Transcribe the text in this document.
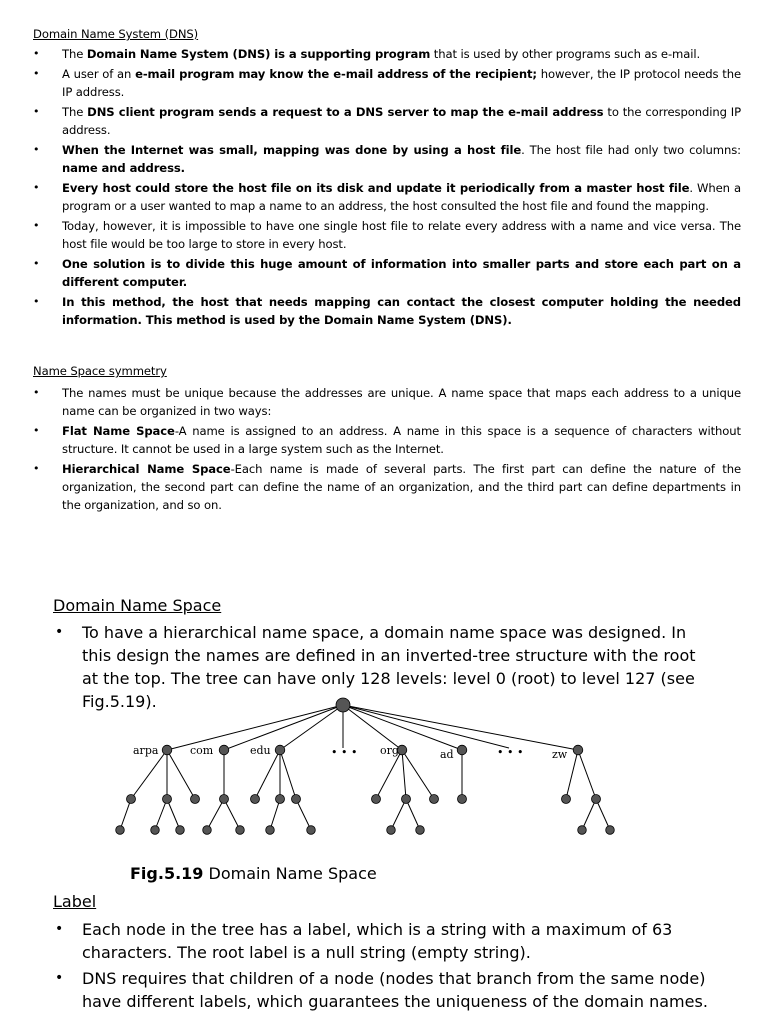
Domain Name System (DNS)
• The Domain Name System (DNS) is a supporting program that is used by other programs such as e-mail.
• A user of an e-mail program may know the e-mail address of the recipient; however, the IP protocol needs the IP address.
• The DNS client program sends a request to a DNS server to map the e-mail address to the corresponding IP address.
• When the Internet was small, mapping was done by using a host file. The host file had only two columns: name and address.
• Every host could store the host file on its disk and update it periodically from a master host file. When a program or a user wanted to map a name to an address, the host consulted the host file and found the mapping.
• Today, however, it is impossible to have one single host file to relate every address with a name and vice versa. The host file would be too large to store in every host.
• One solution is to divide this huge amount of information into smaller parts and store each part on a different computer.
• In this method, the host that needs mapping can contact the closest computer holding the needed information. This method is used by the Domain Name System (DNS).
Name Space symmetry
• The names must be unique because the addresses are unique. A name space that maps each address to a unique name can be organized in two ways:
• Flat Name Space-A name is assigned to an address. A name in this space is a sequence of characters without structure. It cannot be used in a large system such as the Internet.
• Hierarchical Name Space-Each name is made of several parts. The first part can define the nature of the organization, the second part can define the name of an organization, and the third part can define departments in the organization, and so on.
Domain Name Space
• To have a hierarchical name space, a domain name space was designed. In this design the names are defined in an inverted-tree structure with the root at the top. The tree can have only 128 levels: level 0 (root) to level 127 (see Fig.5.19).
arpa	com	edu	org	ad	zw
• • •	• • •
Fig.5.19 Domain Name Space
Label
• Each node in the tree has a label, which is a string with a maximum of 63 characters. The root label is a null string (empty string).
• DNS requires that children of a node (nodes that branch from the same node) have different labels, which guarantees the uniqueness of the domain names.
